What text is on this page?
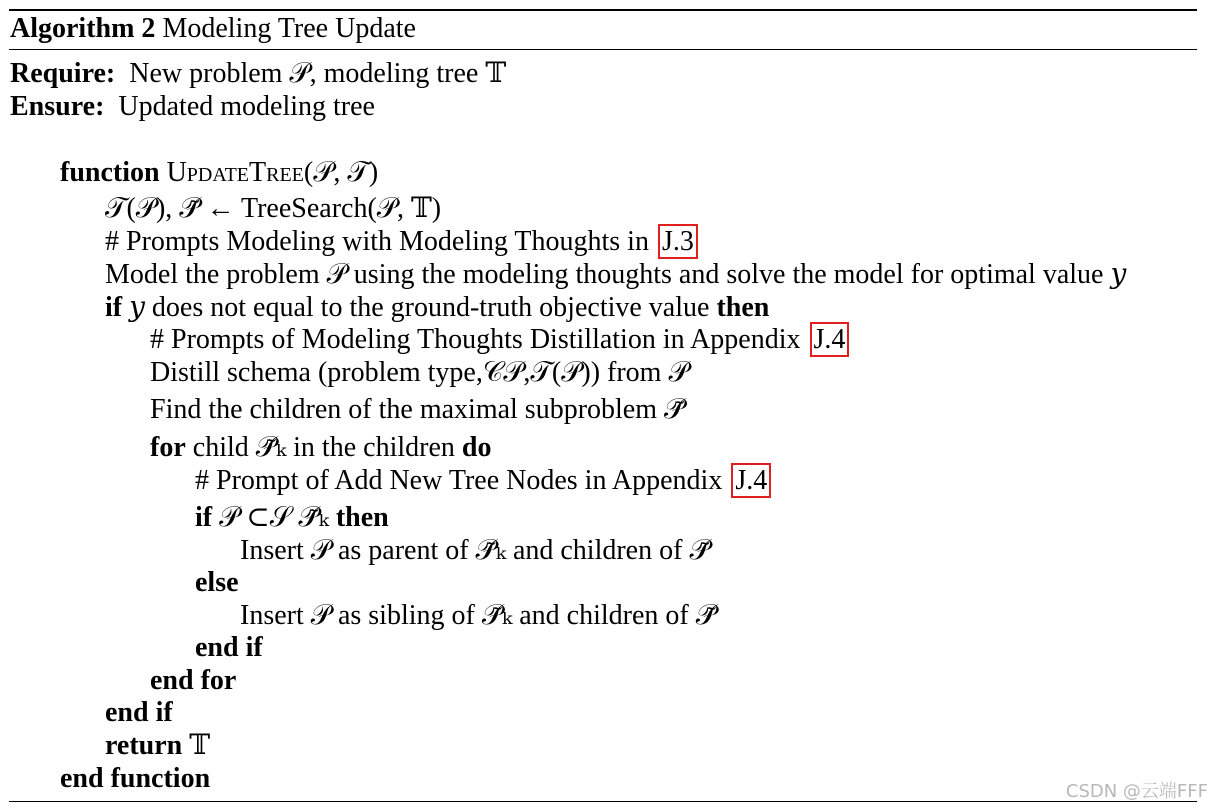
Algorithm 2 Modeling Tree Update
Require: New problem 𝒫, modeling tree 𝕋
Ensure: Updated modeling tree
function UpdateTree(𝒫, 𝒯)
𝒯(𝒫), 𝒫̃ ← TreeSearch(𝒫, 𝕋)
# Prompts Modeling with Modeling Thoughts in J.3
Model the problem 𝒫 using the modeling thoughts and solve the model for optimal value 𝑦
if 𝑦 does not equal to the ground-truth objective value then
# Prompts of Modeling Thoughts Distillation in Appendix J.4
Distill schema (problem type,𝒞𝒫,𝒯(𝒫)) from 𝒫
Find the children of the maximal subproblem 𝒫̃
for child 𝒫̃ₖ in the children do
# Prompt of Add New Tree Nodes in Appendix J.4
if 𝒫 ⊂𝒮 𝒫̃ₖ then
Insert 𝒫 as parent of 𝒫̃ₖ and children of 𝒫̃
else
Insert 𝒫 as sibling of 𝒫̃ₖ and children of 𝒫̃
end if
end for
end if
return 𝕋
end function	CSDN @云端FFF
